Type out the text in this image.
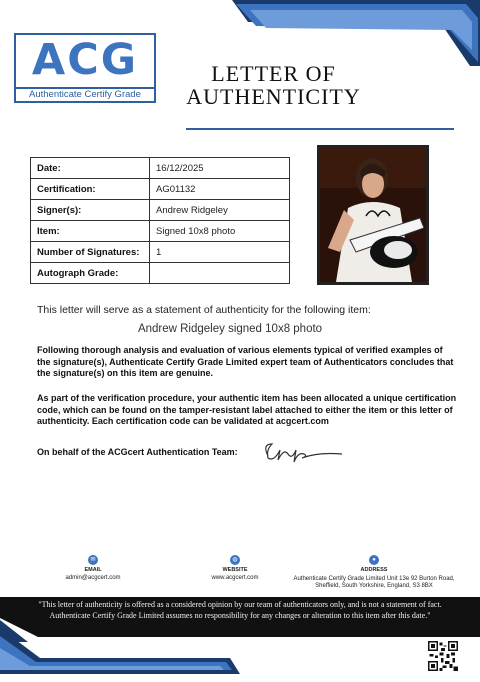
ACG
Authenticate Certify Grade
LETTER OF
AUTHENTICITY
Date:	16/12/2025
Certification:	AG01132
Signer(s):	Andrew Ridgeley
Item:	Signed 10x8 photo
Number of Signatures:	1
Autograph Grade:	
This letter will serve as a statement of authenticity for the following item:
Andrew Ridgeley signed 10x8 photo
Following thorough analysis and evaluation of various elements typical of verified examples of the signature(s), Authenticate Certify Grade Limited expert team of Authenticators concludes that the signature(s) on this item are genuine.
As part of the verification procedure, your authentic item has been allocated a unique certification code, which can be found on the tamper-resistant label attached to either the item or this letter of authenticity. Each certification code can be validated at acgcert.com
On behalf of the ACGcert Authentication Team:
✉
EMAIL
admin@acgcert.com
◍
WEBSITE
www.acgcert.com
●
ADDRESS
Authenticate Certify Grade Limited Unit 13e 92 Burton Road, Sheffield, South Yorkshire, England, S3 8BX
"This letter of authenticity is offered as a considered opinion by our team of authenticators only, and is not a statement of fact. Authenticate Certify Grade Limited assumes no responsibility for any changes or alteration to this item after this date."
